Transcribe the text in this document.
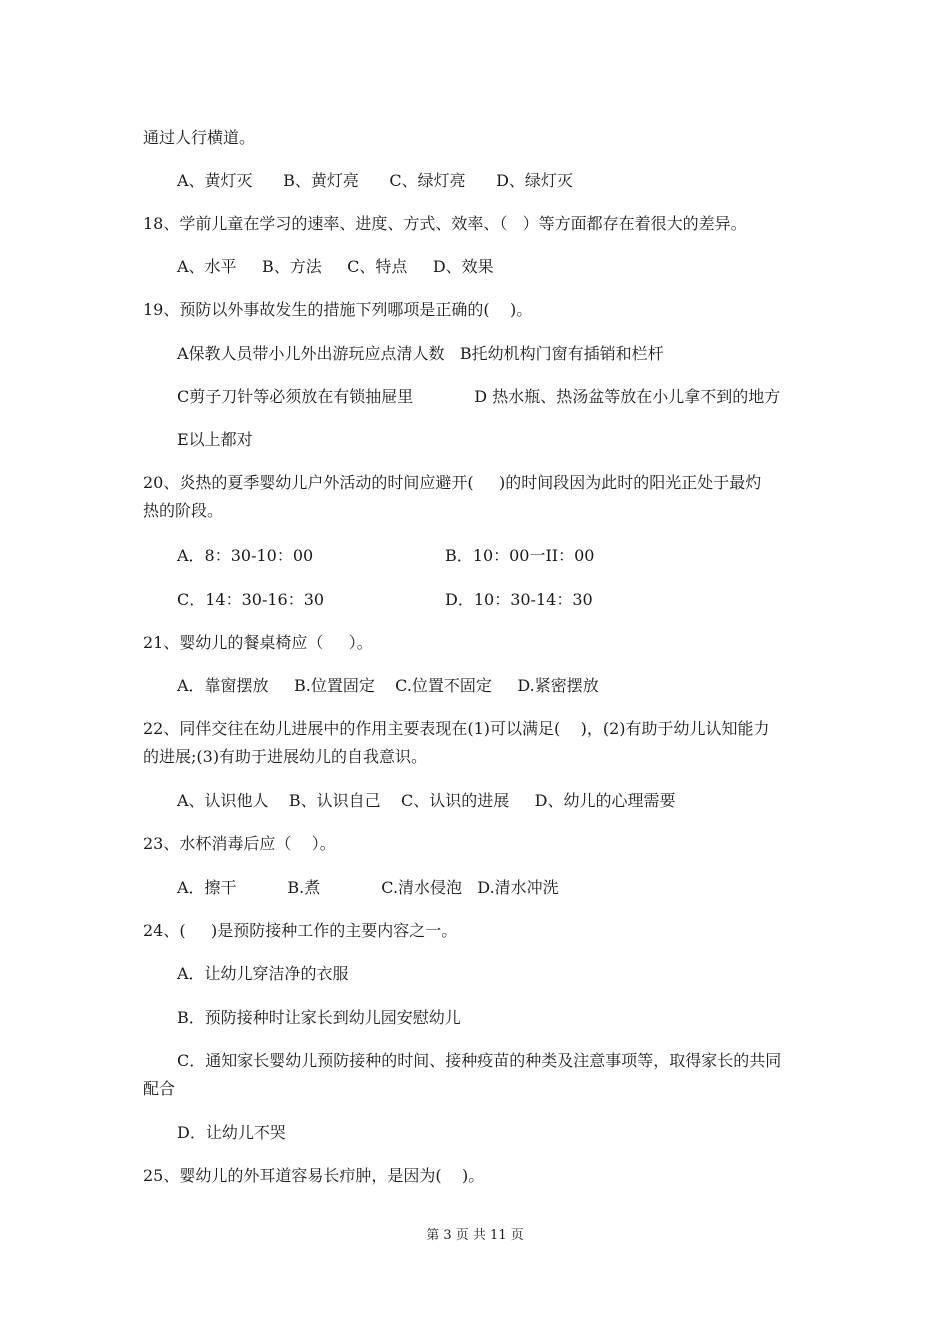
通过人行横道。

A、黄灯灭      B、黄灯亮      C、绿灯亮      D、绿灯灭

18、学前儿童在学习的速率、进度、方式、效率、（   ）等方面都存在着很大的差异。

A、水平     B、方法     C、特点     D、效果

19、预防以外事故发生的措施下列哪项是正确的(    )。

A保教人员带小儿外出游玩应点清人数   B托幼机构门窗有插销和栏杆

C剪子刀针等必须放在有锁抽屉里            D 热水瓶、热汤盆等放在小儿拿不到的地方

E以上都对

20、炎热的夏季婴幼儿户外活动的时间应避开(     )的时间段因为此时的阳光正处于最灼

热的阶段。

A．8：30-10：00	B．10：00一II：00

C．14：30-16：30	D．10：30-14：30

21、婴幼儿的餐桌椅应（     ）。

A．靠窗摆放     B.位置固定    C.位置不固定     D.紧密摆放

22、同伴交往在幼儿进展中的作用主要表现在(1)可以满足(    )，(2)有助于幼儿认知能力

的进展;(3)有助于进展幼儿的自我意识。

A、认识他人    B、认识自己    C、认识的进展     D、幼儿的心理需要

23、水杯消毒后应（    ）。

A．擦干          B.煮            C.清水侵泡   D.清水冲洗

24、(     )是预防接种工作的主要内容之一。

A．让幼儿穿洁净的衣服

B．预防接种时让家长到幼儿园安慰幼儿

C．通知家长婴幼儿预防接种的时间、接种疫苗的种类及注意事项等，取得家长的共同

配合

D．让幼儿不哭

25、婴幼儿的外耳道容易长疖肿，是因为(    )。

第 3 页 共 11 页
